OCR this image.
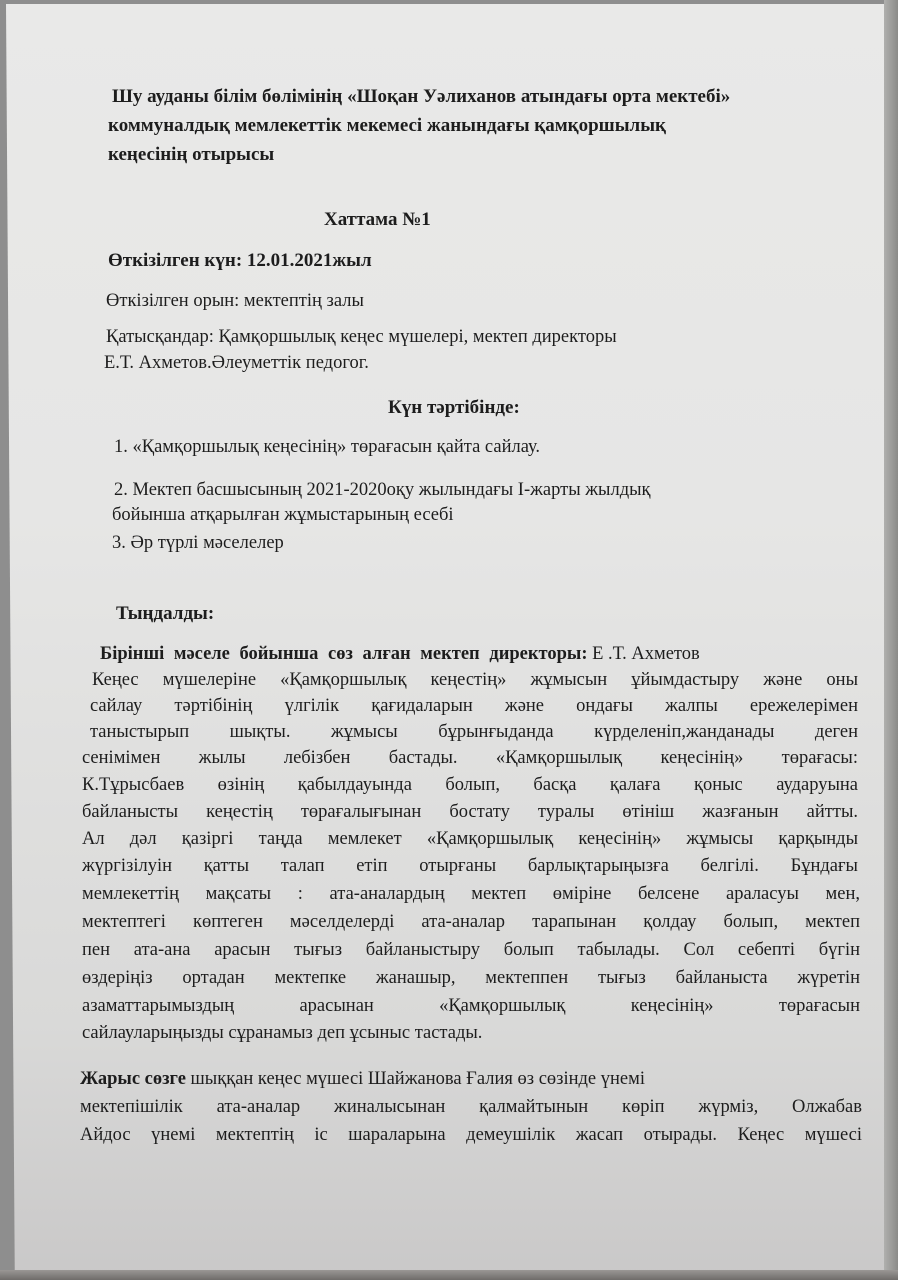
Шу ауданы білім бөлімінің «Шоқан Уәлиханов атындағы орта мектебі»
коммуналдық мемлекеттік мекемесі жанындағы қамқоршылық
кеңесінің отырысы
Хаттама №1
Өткізілген күн: 12.01.2021жыл
Өткізілген орын: мектептің залы
Қатысқандар: Қамқоршылық кеңес мүшелері, мектеп директоры
Е.Т. Ахметов.Әлеуметтік педогог.
Күн тәртібінде:
1. «Қамқоршылық кеңесінің» төрағасын қайта сайлау.
2. Мектеп басшысының 2021-2020оқу жылындағы І-жарты жылдық
бойынша атқарылған жұмыстарының есебі
3. Әр түрлі мәселелер
Тыңдалды:
Бірінші мәселе бойынша сөз алған мектеп директоры: Е .Т. Ахметов
Кеңес мүшелеріне «Қамқоршылық кеңестің» жұмысын ұйымдастыру және оны
сайлау тәртібінің үлгілік қағидаларын және ондағы жалпы ережелерімен
таныстырып шықты. жұмысы бұрынғыданда күрделеніп,жанданады деген
сенімімен жылы лебізбен бастады. «Қамқоршылық кеңесінің» төрағасы:
К.Тұрысбаев өзінің қабылдауында болып, басқа қалаға қоныс аударуына
байланысты кеңестің төрағалығынан бостату туралы өтініш жазғанын айтты.
Ал дәл қазіргі таңда мемлекет «Қамқоршылық кеңесінің» жұмысы қарқынды
жүргізілуін қатты талап етіп отырғаны барлықтарыңызға белгілі. Бұндағы
мемлекеттің мақсаты : ата-аналардың мектеп өміріне белсене араласуы мен,
мектептегі көптеген мәселделерді ата-аналар тарапынан қолдау болып, мектеп
пен ата-ана арасын тығыз байланыстыру болып табылады. Сол себепті бүгін
өздеріңіз ортадан мектепке жанашыр, мектеппен тығыз байланыста жүретін
азаматтарымыздың арасынан «Қамқоршылық кеңесінің» төрағасын
сайлауларыңызды сұранамыз деп ұсыныс тастады.
Жарыс сөзге шыққан кеңес мүшесі Шайжанова Ғалия өз сөзінде үнемі
мектепішілік ата-аналар жиналысынан қалмайтынын көріп жүрміз, Олжабав
Айдос үнемі мектептің іс шараларына демеушілік жасап отырады. Кеңес мүшесі
